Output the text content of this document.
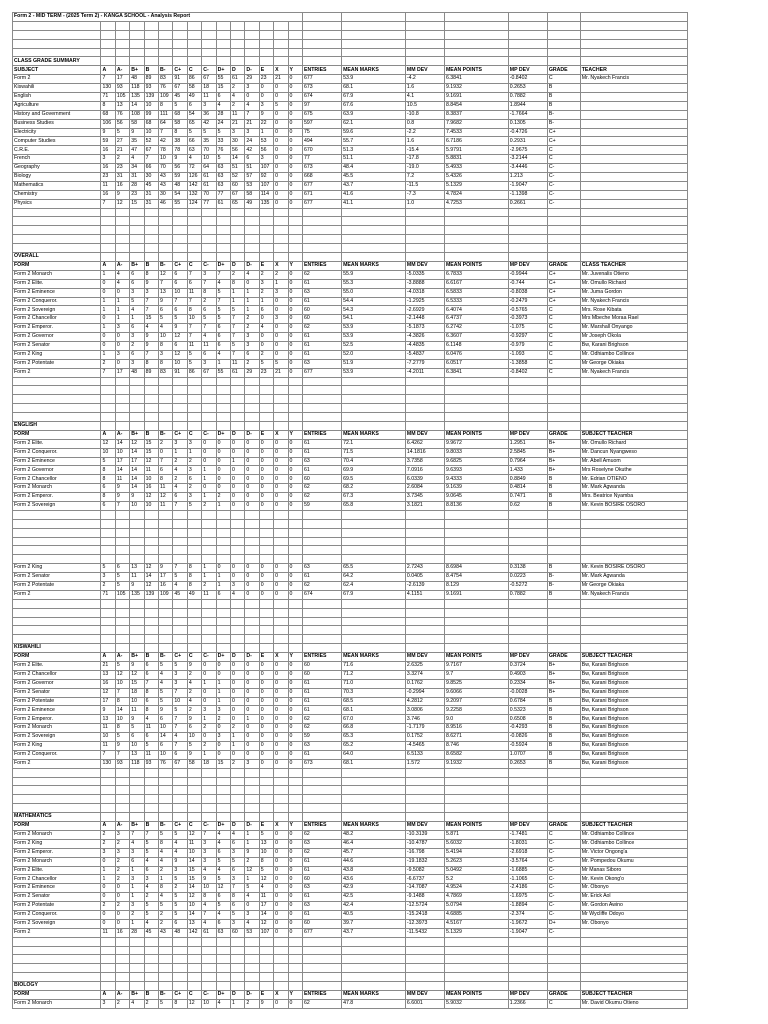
Form 2 - MID TERM - (2025 Term 2) - KANGA SCHOOL - Analysis Report																					

CLASS GRADE SUMMARY																					
SUBJECT	A	A-	B+	B	B-	C+	C	C-	D+	D	D-	E	X	Y	ENTRIES	MEAN MARKS	MM DEV	MEAN POINTS	MP DEV	GRADE	TEACHER
Form 2	7	17	48	89	83	91	86	67	55	61	29	23	21	0	677	53.9	-4.2	6.3841	-0.8402	C	Mr. Nyakech Francis
Kiswahili	130	93	118	93	76	67	58	18	15	2	3	0	0	0	673	68.1	1.6	9.1932	0.2653	B	
English	71	105	135	139	109	45	49	11	6	4	0	0	0	0	674	67.9	4.1	9.1691	0.7882	B	
Agriculture	8	13	14	10	8	5	6	3	4	2	4	3	5	0	97	67.6	10.5	8.8454	1.8944	B	
History and Government	68	76	108	99	111	68	54	36	28	11	7	9	0	0	675	63.9	-10.8	8.3837	-1.7664	B-	
Business Studies	106	56	58	68	64	58	65	42	24	21	21	22	0	0	597	62.1	0.8	7.9682	0.1305	B-	
Electricity	9	5	9	10	7	8	5	5	5	3	3	1	0	0	75	59.6	-2.2	7.4533	-0.4726	C+	
Computer Studies	59	27	35	52	42	38	66	35	33	30	24	53	0	0	494	55.7	1.6	6.7186	0.2931	C+	
C.R.E.	16	21	47	67	78	78	63	70	76	56	42	56	0	0	670	51.3	-15.4	5.9791	-2.9675	C	
French	3	2	4	7	10	9	4	10	5	14	6	3	0	0	77	51.1	-17.8	5.8831	-3.2144	C	
Geography	16	23	34	66	70	56	72	64	63	51	51	107	0	0	673	48.4	-19.0	5.4933	-3.4446	C-	
Biology	23	31	31	30	43	59	126	61	63	52	57	92	0	0	668	45.5	7.2	5.4326	1.213	C-	
Mathematics	11	16	28	45	43	48	142	61	63	60	53	107	0	0	677	43.7	-11.5	5.1329	-1.9047	C-	
Chemistry	16	9	23	31	30	54	132	70	77	67	58	114	0	0	671	41.6	-7.3	4.7824	-1.1398	C-	
Physics	7	12	15	31	46	55	124	77	61	65	49	135	0	0	677	41.1	1.0	4.7253	0.2661	C-	

OVERALL																					
FORM	A	A-	B+	B	B-	C+	C	C-	D+	D	D-	E	X	Y	ENTRIES	MEAN MARKS	MM DEV	MEAN POINTS	MP DEV	GRADE	CLASS TEACHER
Form 2 Monarch	1	4	6	8	12	6	7	3	7	2	4	2	2	0	62	55.9	-5.0335	6.7833	-0.9944	C+	Mr. Juvenalis Otieno
Form 2 Elite.	0	4	6	9	7	6	6	7	4	8	0	3	1	0	61	55.3	-3.8888	6.6167	-0.744	C+	Mr. Omullo Richard
Form 2 Eminence	0	0	3	3	13	10	11	8	5	1	1	2	3	0	63	55.0	-4.0318	6.5833	-0.8038	C+	Mr. Juma Gordon
Form 2 Conqueror.	1	1	5	7	9	7	7	2	7	1	1	1	0	0	61	54.4	-1.2925	6.5333	-0.2479	C+	Mr. Nyakech Francis
Form 2 Sovereign	1	1	4	7	6	6	8	6	5	5	1	6	0	0	60	54.3	-2.6929	6.4074	-0.5765	C	Mrs. Rose Kibata
Form 2 Chancellor	0	1	1	15	5	5	10	5	5	7	2	0	3	0	60	54.1	-2.1448	6.4737	-0.3973	C	Mrs Mbeche Moraa Rael
Form 2 Emperor.	1	3	6	4	4	9	7	7	6	7	2	4	0	0	62	53.9	-5.1873	6.2742	-1.075	C	Mr. Marshall Onyango
Form 2 Governor	0	0	3	9	10	12	7	4	6	7	3	0	0	0	61	53.9	-4.3826	6.3607	-0.9297	C	Mr Joseph Okola
Form 2 Senator	0	0	2	9	8	6	11	11	6	5	3	0	0	0	61	52.5	-4.4835	6.1148	-0.979	C	Bw, Karani Brighson
Form 2 King	1	3	6	7	3	12	5	6	4	7	6	2	0	0	61	52.0	-5.4837	6.0476	-1.093	C	Mr. Odhiambo Collince
Form 2 Potentate	2	0	3	8	8	10	5	3	1	11	2	5	5	0	63	51.9	-7.2779	6.0517	-1.3858	C	Mr George Okiaka
Form 2	7	17	48	89	83	91	86	67	55	61	29	23	21	0	677	53.9	-4.2011	6.3841	-0.8402	C	Mr. Nyakech Francis

ENGLISH																					
FORM	A	A-	B+	B	B-	C+	C	C-	D+	D	D-	E	X	Y	ENTRIES	MEAN MARKS	MM DEV	MEAN POINTS	MP DEV	GRADE	SUBJECT TEACHER
Form 2 Elite.	12	14	12	15	2	3	3	0	0	0	0	0	0	0	61	72.1	6.4262	9.9672	1.2951	B+	Mr. Omullo Richard
Form 2 Conqueror.	10	10	14	15	0	1	1	0	0	0	0	0	0	0	61	71.5	14.1816	9.8033	2.5845	B+	Mr. Dancun Nyangweso
Form 2 Eminence	5	17	17	12	7	2	2	0	0	1	0	0	0	0	63	70.4	3.7358	9.6825	0.7964	B+	Mr. Abell Amuom
Form 2 Governor	8	14	14	11	6	4	3	1	0	0	0	0	0	0	61	69.9	7.0916	9.6393	1.433	B+	Mrs Roselyne Okuthe
Form 2 Chancellor	8	11	14	10	8	2	6	1	0	0	0	0	0	0	60	69.5	6.0339	9.4333	0.8849	B	Mr. Edrian OTIENO
Form 2 Monarch	6	9	14	16	11	4	2	0	0	0	0	0	0	0	62	68.2	2.6084	9.1639	0.4814	B	Mr. Mark Agwanda
Form 2 Emperor.	8	9	9	12	12	6	3	1	2	0	0	0	0	0	62	67.3	3.7345	9.0645	0.7471	B	Mrs. Beatrice Nyamba
Form 2 Sovereign	6	7	10	10	11	7	5	2	1	0	0	0	0	0	59	65.8	3.1821	8.8136	0.62	B	Mr. Kevin BOSIRE OSORO

Form 2 King	5	6	13	12	9	7	8	1	0	0	0	0	0	0	63	65.5	2.7243	8.6984	0.3138	B	Mr. Kevin BOSIRE OSORO
Form 2 Senator	3	5	11	14	17	5	8	1	1	0	0	0	0	0	61	64.2	0.0405	8.4754	0.0223	B-	Mr. Mark Agwanda
Form 2 Potentate	2	5	9	12	16	4	8	2	1	3	0	0	0	0	62	62.4	-2.6139	8.129	-0.5272	B-	Mr George Okiaka
Form 2	71	105	135	139	109	45	49	11	6	4	0	0	0	0	674	67.9	4.1151	9.1691	0.7882	B	Mr. Nyakech Francis

KISWAHILI																					
FORM	A	A-	B+	B	B-	C+	C	C-	D+	D	D-	E	X	Y	ENTRIES	MEAN MARKS	MM DEV	MEAN POINTS	MP DEV	GRADE	SUBJECT TEACHER
Form 2 Elite.	21	5	9	6	5	5	9	0	0	0	0	0	0	0	60	71.6	2.6325	9.7167	0.3724	B+	Bw, Karani Brighson
Form 2 Chancellor	13	12	12	6	4	3	2	0	0	0	0	0	0	0	60	71.2	3.3274	9.7	0.4903	B+	Bw, Karani Brighson
Form 2 Governor	16	10	15	7	4	3	4	1	1	0	0	0	0	0	61	71.0	0.1762	9.8525	0.2334	B+	Bw, Karani Brighson
Form 2 Senator	12	7	18	8	5	7	2	0	1	0	0	0	0	0	61	70.3	-0.2994	9.6066	-0.0028	B+	Bw, Karani Brighson
Form 2 Potentate	17	8	10	6	5	10	4	0	1	0	0	0	0	0	61	68.5	4.2812	9.2097	0.6784	B	Bw, Karani Brighson
Form 2 Eminence	9	14	11	8	9	5	2	3	3	0	0	0	0	0	61	68.1	3.0806	9.2258	0.5323	B	Bw, Karani Brighson
Form 2 Emperor.	13	10	9	4	6	7	9	1	2	0	1	0	0	0	62	67.0	3.746	9.0	0.6508	B	Bw, Karani Brighson
Form 2 Monarch	11	8	5	11	10	7	6	2	0	2	0	0	0	0	62	66.8	-1.7179	8.9516	-0.4293	B	Bw, Karani Brighson
Form 2 Sovereign	10	5	6	6	14	4	10	0	3	1	0	0	0	0	59	65.3	0.1752	8.6271	-0.0826	B	Bw, Karani Brighson
Form 2 King	11	9	10	5	6	7	5	2	0	1	0	0	0	0	63	65.2	-4.5465	8.746	-0.5924	B	Bw, Karani Brighson
Form 2 Conqueror.	7	7	13	11	10	6	9	1	0	0	0	0	0	0	61	64.0	6.5133	8.6582	1.0707	B	Bw, Karani Brighson
Form 2	130	93	118	93	76	67	58	18	15	2	3	0	0	0	673	68.1	1.572	9.1932	0.2653	B	Bw, Karani Brighson

MATHEMATICS																					
FORM	A	A-	B+	B	B-	C+	C	C-	D+	D	D-	E	X	Y	ENTRIES	MEAN MARKS	MM DEV	MEAN POINTS	MP DEV	GRADE	SUBJECT TEACHER
Form 2 Monarch	2	3	7	7	5	5	12	7	4	4	1	5	0	0	62	48.2	-10.3139	5.871	-1.7481	C	Mr. Odhiambo Collince
Form 2 King	2	2	4	5	8	4	11	3	4	6	1	13	0	0	63	46.4	-10.4787	5.6032	-1.8031	C-	Mr. Odhiambo Collince
Form 2 Emperor.	3	3	3	5	4	4	10	3	6	3	9	10	0	0	62	45.7	-16.798	5.4194	-2.6918	C-	Mr. Victor Ongong'a
Form 2 Monarch	0	2	6	4	4	9	14	3	5	5	2	8	0	0	61	44.6	-19.1832	5.2623	-3.5764	C-	Mr. Pompedou Okumu
Form 2 Elite.	1	2	1	6	2	3	15	4	4	6	12	5	0	0	61	43.8	-9.5082	5.0492	-1.6885	C-	Mr Manas Siboro
Form 2 Chancellor	1	2	3	3	1	5	15	9	5	3	1	12	0	0	60	43.6	-6.6737	5.2	-1.1065	C-	Mr. Kevin Okong'o
Form 2 Eminence	0	0	1	4	8	2	14	10	12	7	5	4	0	0	63	42.9	-14.7087	4.9524	-2.4186	C-	Mr. Obonyo
Form 2 Senator	0	0	1	2	4	5	12	8	6	8	4	11	0	0	61	42.5	-9.1488	4.7869	-1.6975	C-	Mr. Erick Aol
Form 2 Potentate	2	2	3	5	5	5	10	4	5	6	0	17	0	0	63	42.4	-12.5724	5.0794	-1.8894	C-	Mr. Gordon Awino
Form 2 Conqueror.	0	0	2	5	2	5	14	7	4	5	3	14	0	0	61	40.5	-15.2418	4.6885	-2.374	C-	Mr Wycliffe Odoyo
Form 2 Sovereign	0	0	1	4	2	6	13	4	6	3	4	12	0	0	60	39.7	-12.3973	4.5167	-1.9672	D+	Mr. Obonyo
Form 2	11	16	28	45	43	48	142	61	63	60	53	107	0	0	677	43.7	-11.5432	5.1329	-1.9047	C-	

BIOLOGY																					
FORM	A	A-	B+	B	B-	C+	C	C-	D+	D	D-	E	X	Y	ENTRIES	MEAN MARKS	MM DEV	MEAN POINTS	MP DEV	GRADE	SUBJECT TEACHER
Form 2 Monarch	3	2	4	2	5	8	12	10	4	1	2	9	0	0	62	47.8	6.6001	5.9032	1.2366	C	Mr. David Okumu Otieno
